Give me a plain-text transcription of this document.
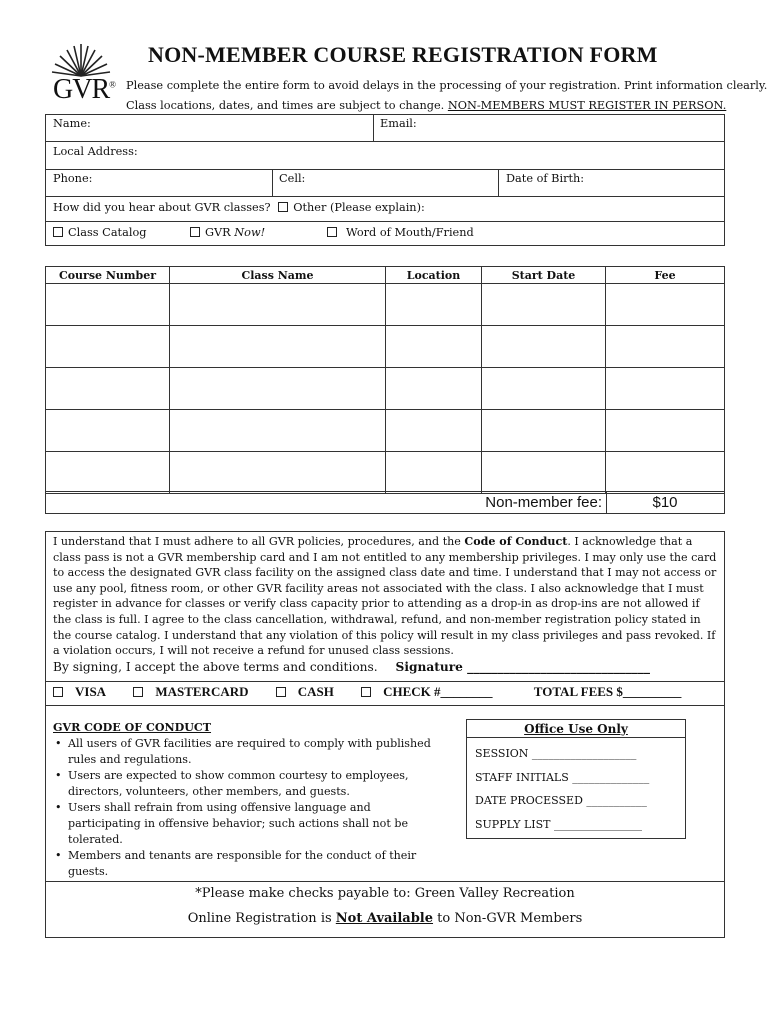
GVR®
NON-MEMBER COURSE REGISTRATION FORM
Please complete the entire form to avoid delays in the processing of your registration. Print information clearly.
Class locations, dates, and times are subject to change. NON-MEMBERS MUST REGISTER IN PERSON.
Name:	Email:
Local Address:
Phone:	Cell:	Date of Birth:
How did you hear about GVR classes? Other (Please explain):
Class Catalog	GVR Now!	Word of Mouth/Friend
Course Number	Class Name	Location	Start Date	Fee

Non-member fee:	$10
I understand that I must adhere to all GVR policies, procedures, and the Code of Conduct. I acknowledge that a class pass is not a GVR membership card and I am not entitled to any membership privileges. I may only use the card to access the designated GVR class facility on the assigned class date and time. I understand that I may not access or use any pool, fitness room, or other GVR facility areas not associated with the class. I also acknowledge that I must register in advance for classes or verify class capacity prior to attending as a drop-in as drop-ins are not allowed if the class is full. I agree to the class cancellation, withdrawal, refund, and non-member registration policy stated in the course catalog. I understand that any violation of this policy will result in my class privileges and pass revoked. If a violation occurs, I will not receive a refund for unused class sessions.
By signing, I accept the above terms and conditions. Signature ______________________________
VISA	MASTERCARD	CASH	CHECK #________	TOTAL FEES $_________
GVR CODE OF CONDUCT
• All users of GVR facilities are required to comply with published rules and regulations.
• Users are expected to show common courtesy to employees, directors, volunteers, other members, and guests.
• Users shall refrain from using offensive language and participating in offensive behavior; such actions shall not be tolerated.
• Members and tenants are responsible for the conduct of their guests.
Office Use Only
SESSION ___________________
STAFF INITIALS ______________
DATE PROCESSED ___________
SUPPLY LIST ________________
*Please make checks payable to: Green Valley Recreation
Online Registration is Not Available to Non-GVR Members
